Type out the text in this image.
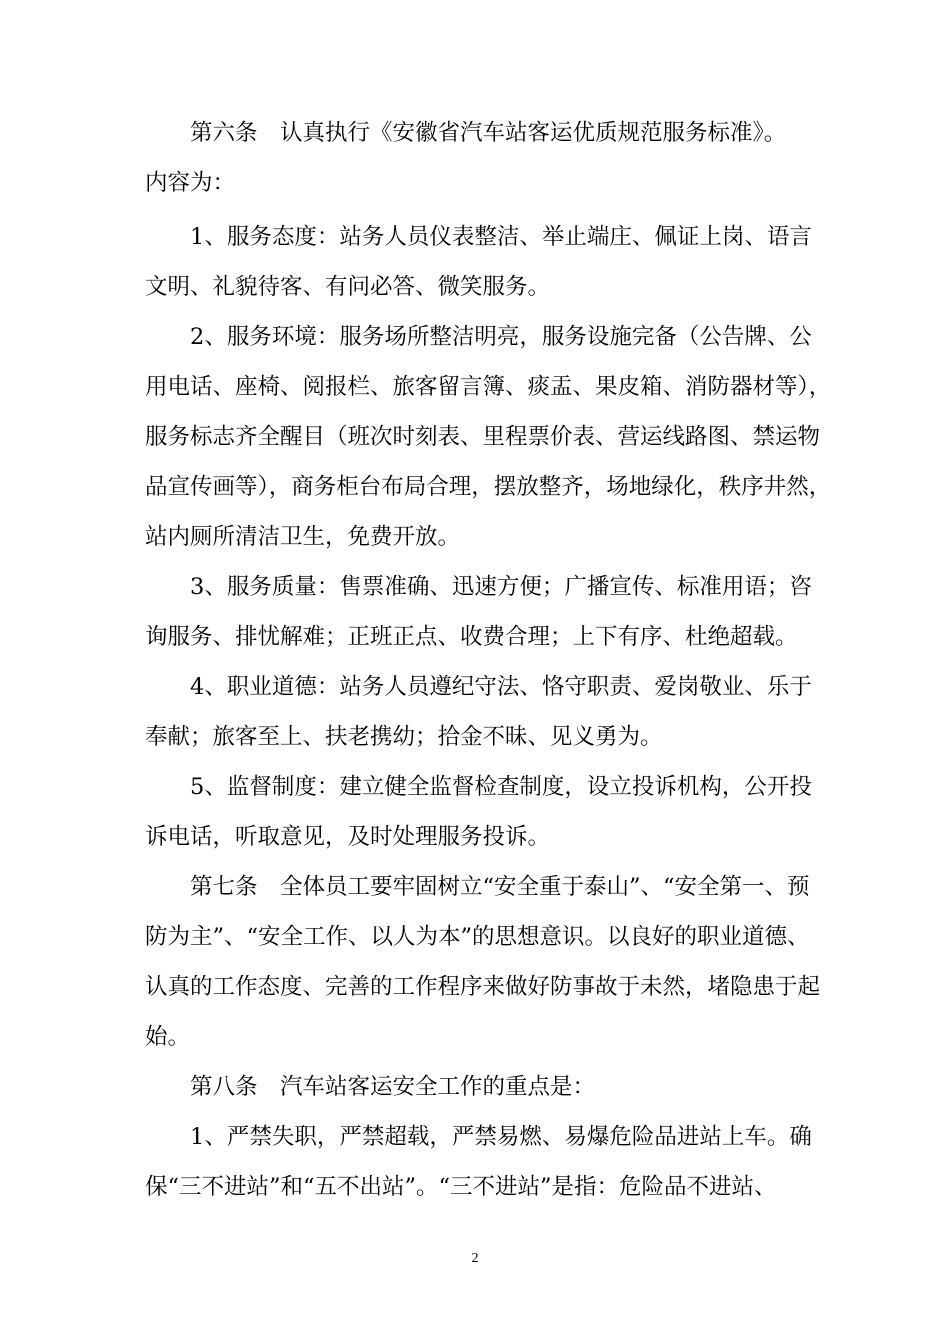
第六条　认真执行《安徽省汽车站客运优质规范服务标准》。
内容为：
1、服务态度：站务人员仪表整洁、举止端庄、佩证上岗、语言
文明、礼貌待客、有问必答、微笑服务。
2、服务环境：服务场所整洁明亮，服务设施完备（公告牌、公
用电话、座椅、阅报栏、旅客留言簿、痰盂、果皮箱、消防器材等），
服务标志齐全醒目（班次时刻表、里程票价表、营运线路图、禁运物
品宣传画等），商务柜台布局合理，摆放整齐，场地绿化，秩序井然，
站内厕所清洁卫生，免费开放。
3、服务质量：售票准确、迅速方便；广播宣传、标准用语；咨
询服务、排忧解难；正班正点、收费合理；上下有序、杜绝超载。
4、职业道德：站务人员遵纪守法、恪守职责、爱岗敬业、乐于
奉献；旅客至上、扶老携幼；拾金不昧、见义勇为。
5、监督制度：建立健全监督检查制度，设立投诉机构，公开投
诉电话，听取意见，及时处理服务投诉。
第七条　全体员工要牢固树立“安全重于泰山”、“安全第一、预
防为主”、“安全工作、以人为本”的思想意识。以良好的职业道德、
认真的工作态度、完善的工作程序来做好防事故于未然，堵隐患于起
始。
第八条　汽车站客运安全工作的重点是：
1、严禁失职，严禁超载，严禁易燃、易爆危险品进站上车。确
保“三不进站”和“五不出站”。“三不进站”是指：危险品不进站、
2
